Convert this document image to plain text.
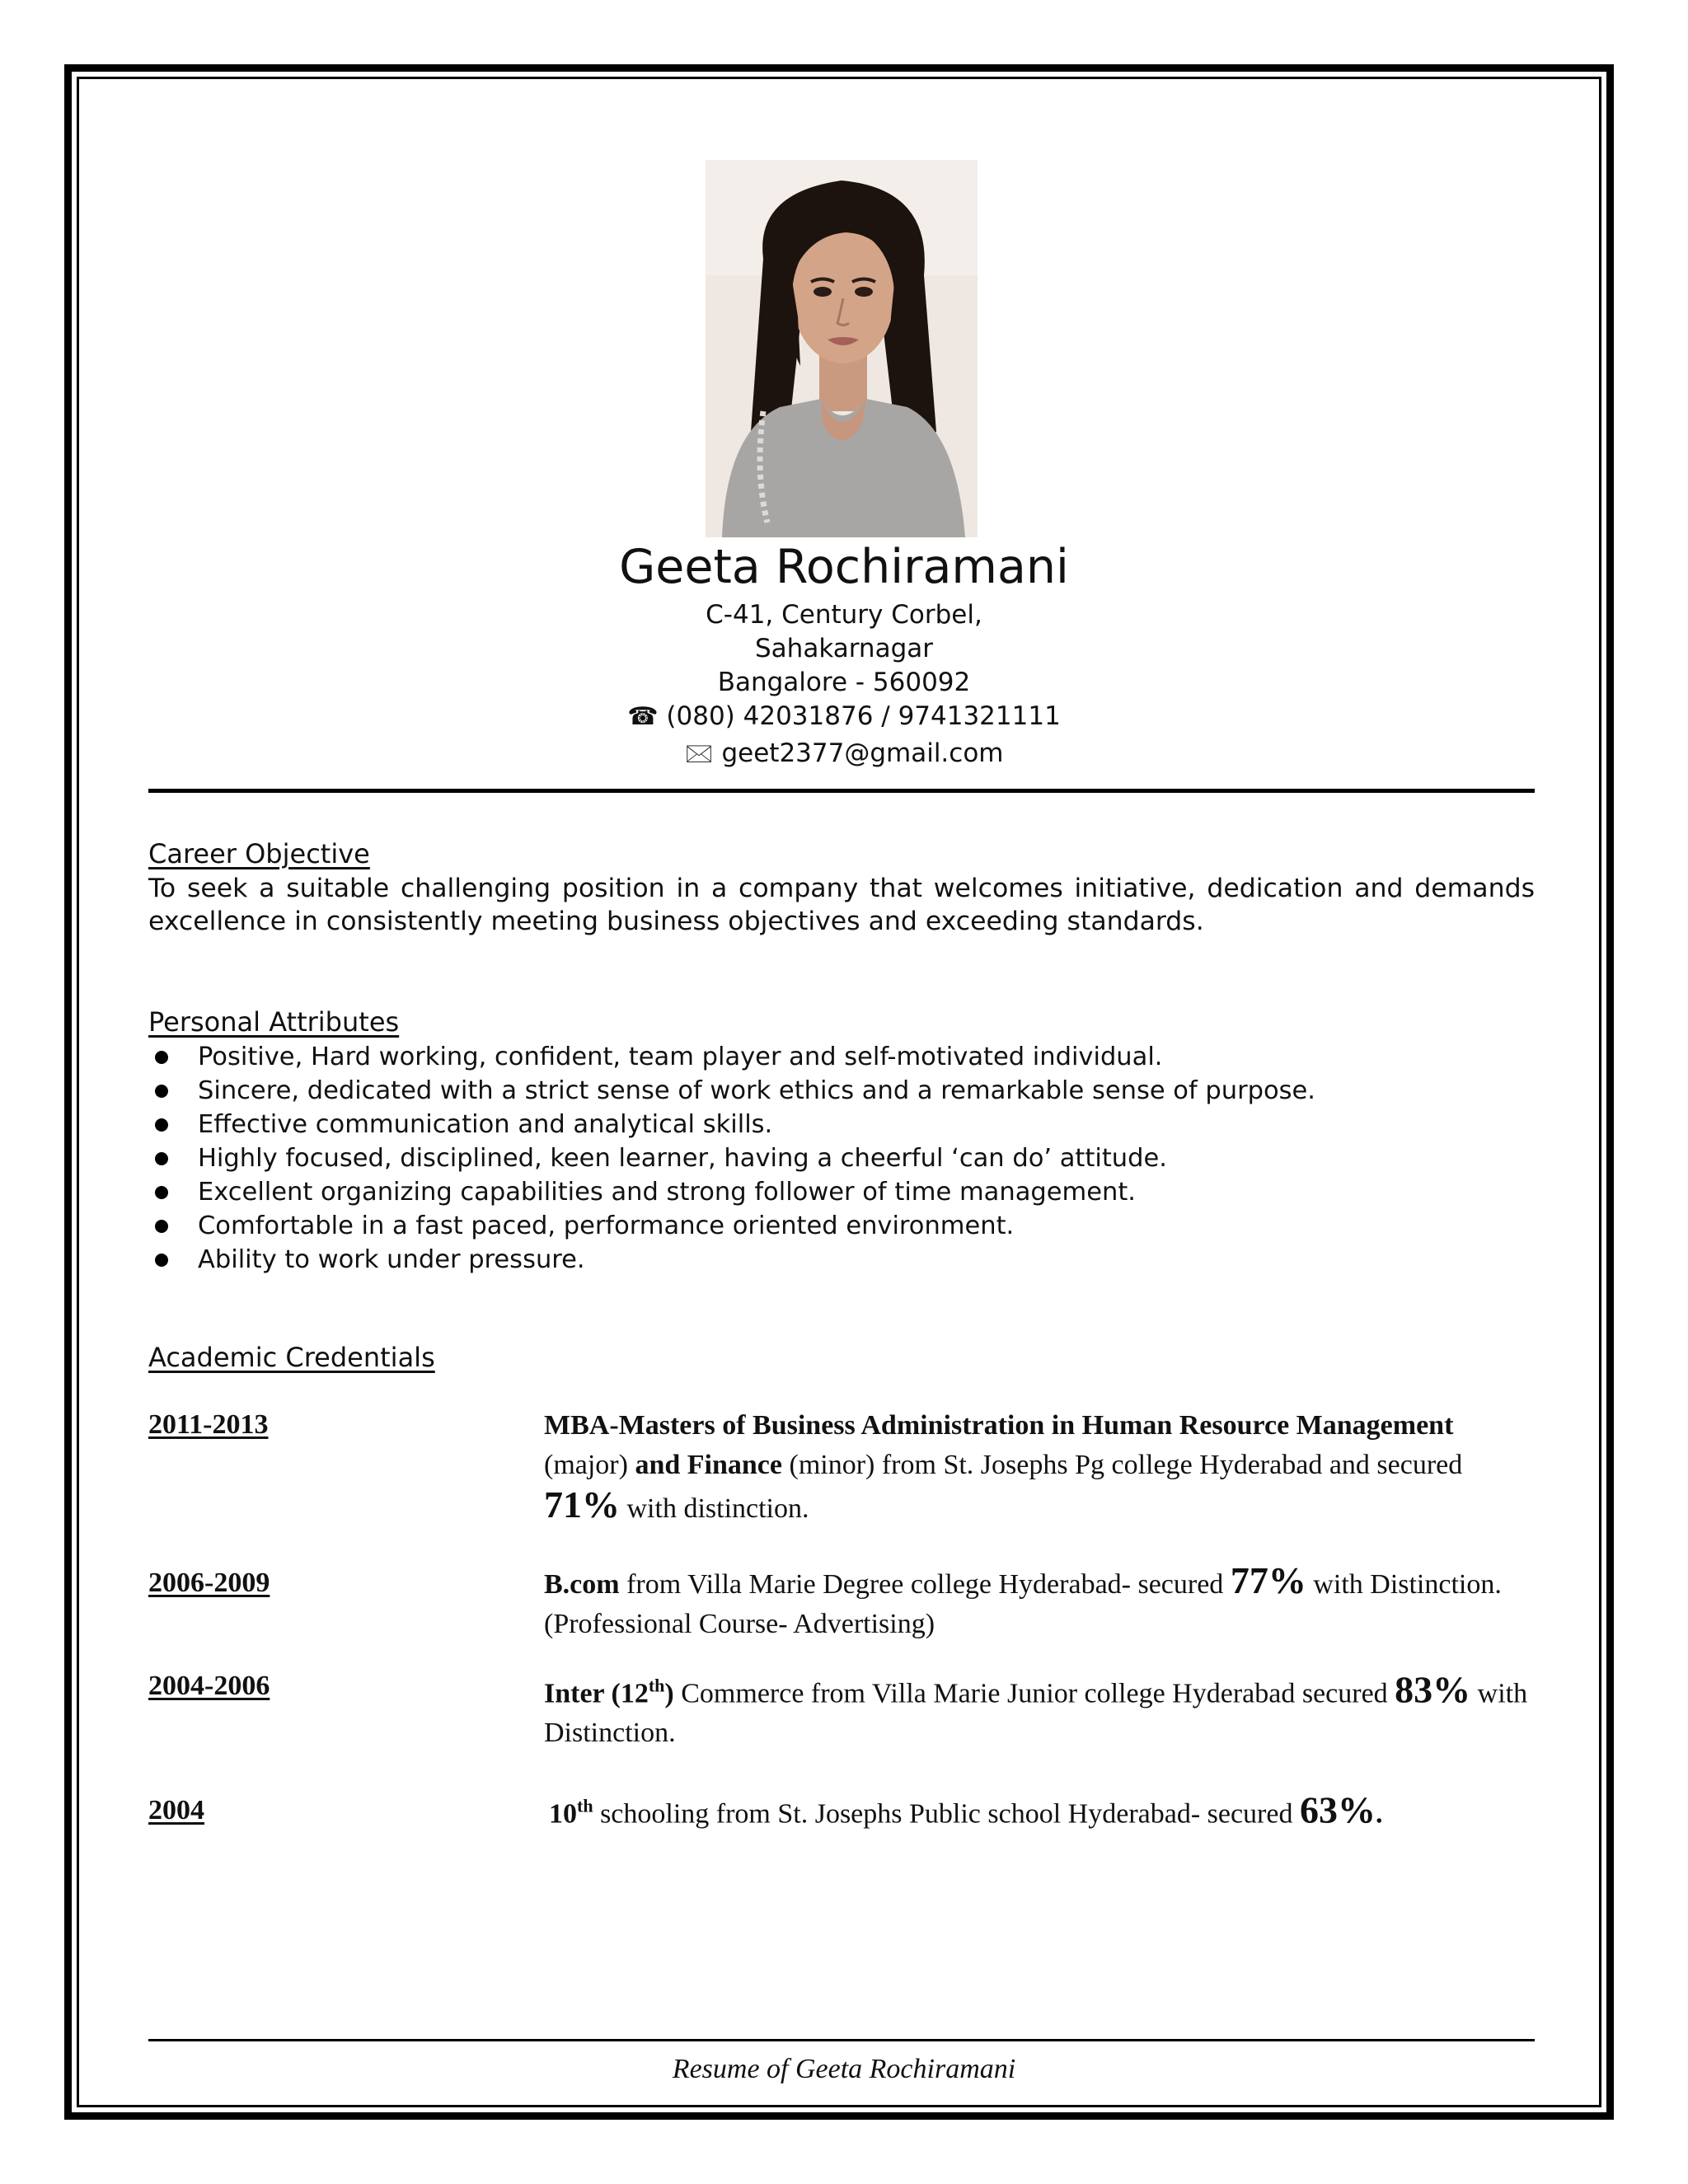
Geeta Rochiramani
C-41, Century Corbel,
Sahakarnagar
Bangalore - 560092
☎ (080) 42031876 / 9741321111
🖂 geet2377@gmail.com
Career Objective
To seek a suitable challenging position in a company that welcomes initiative, dedication and demands excellence in consistently meeting business objectives and exceeding standards.
Personal Attributes
Positive, Hard working, confident, team player and self-motivated individual.
Sincere, dedicated with a strict sense of work ethics and a remarkable sense of purpose.
Effective communication and analytical skills.
Highly focused, disciplined, keen learner, having a cheerful ‘can do’ attitude.
Excellent organizing capabilities and strong follower of time management.
Comfortable in a fast paced, performance oriented environment.
Ability to work under pressure.
Academic Credentials
2011-2013	MBA-Masters of Business Administration in Human Resource Management (major) and Finance (minor) from St. Josephs Pg college Hyderabad and secured 71% with distinction.
2006-2009	B.com from Villa Marie Degree college Hyderabad- secured 77% with Distinction. (Professional Course- Advertising)
2004-2006	Inter (12th) Commerce from Villa Marie Junior college Hyderabad secured 83% with Distinction.
2004	10th schooling from St. Josephs Public school Hyderabad- secured 63%.
Resume of Geeta Rochiramani
